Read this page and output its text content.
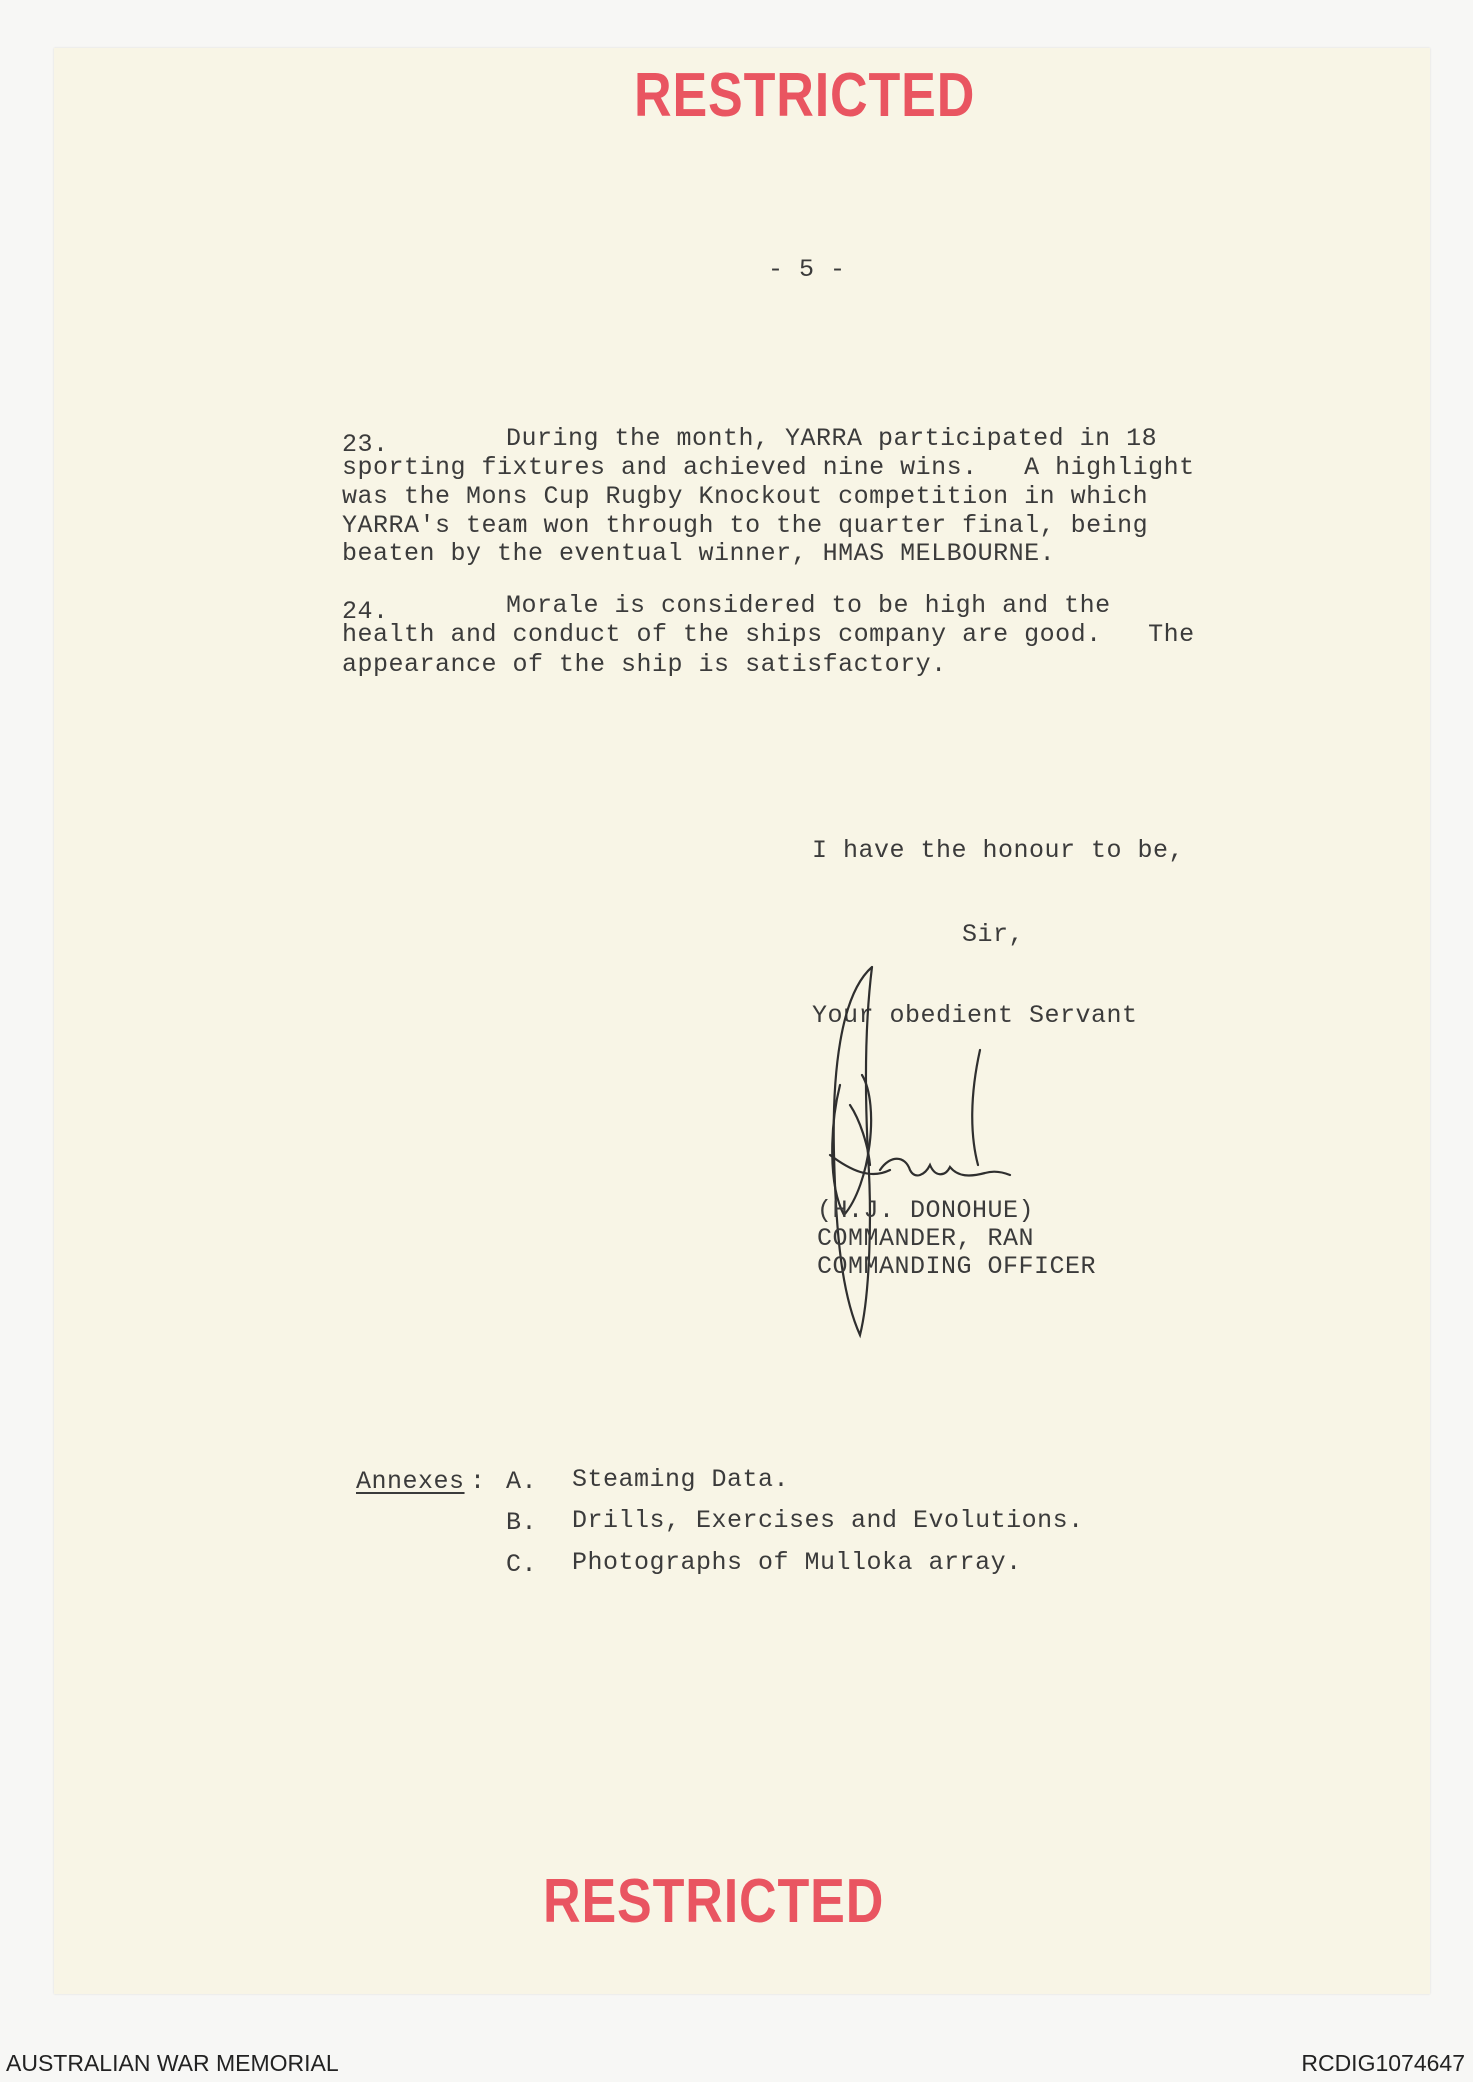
RESTRICTED
- 5 -
23.	During the month, YARRA participated in 18
sporting fixtures and achieved nine wins.   A highlight
was the Mons Cup Rugby Knockout competition in which
YARRA's team won through to the quarter final, being
beaten by the eventual winner, HMAS MELBOURNE.
24.	Morale is considered to be high and the
health and conduct of the ships company are good.   The
appearance of the ship is satisfactory.
I have the honour to be,
Sir,
Your obedient Servant
(H.J. DONOHUE)
COMMANDER, RAN
COMMANDING OFFICER
Annexes : A. Steaming Data.
B. Drills, Exercises and Evolutions.
C. Photographs of Mulloka array.
RESTRICTED
AUSTRALIAN WAR MEMORIAL	RCDIG1074647
